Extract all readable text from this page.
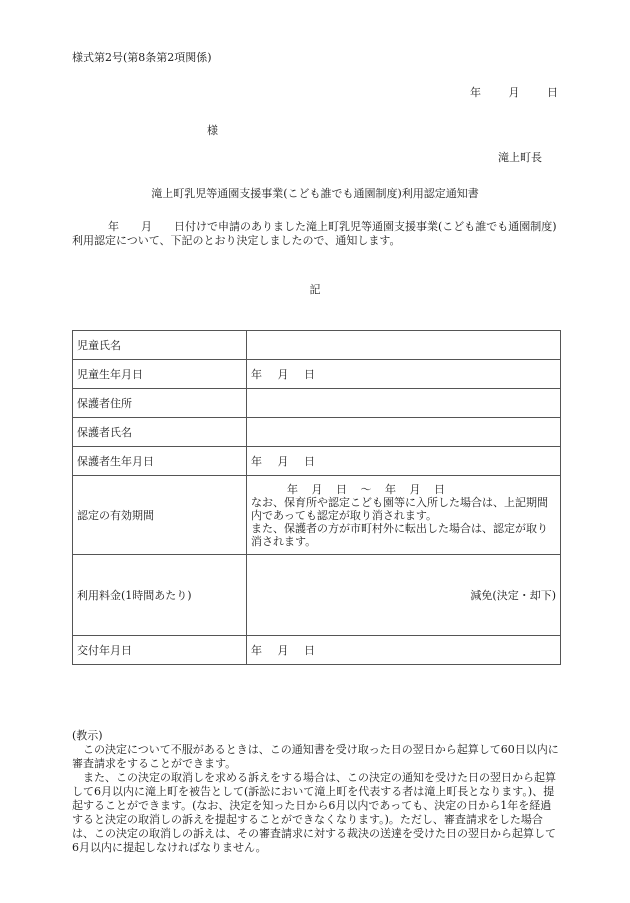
様式第2号(第8条第2項関係)
年 月 日
様
滝上町長
滝上町乳児等通園支援事業(こども誰でも通園制度)利用認定通知書
年　　月　　日付けで申請のありました滝上町乳児等通園支援事業(こども誰でも通園制度)利用認定について、下記のとおり決定しましたので、通知します。
記
児童氏名	
児童生年月日	年 月 日
保護者住所	
保護者氏名	
保護者生年月日	年 月 日
認定の有効期間	年 月 日 〜 年 月 日
なお、保育所や認定こども園等に入所した場合は、上記期間内であっても認定が取り消されます。
また、保護者の方が市町村外に転出した場合は、認定が取り消されます。

利用料金(1時間あたり)	減免(決定・却下)
交付年月日	年 月 日

(教示)

この決定について不服があるときは、この通知書を受け取った日の翌日から起算して60日以内に審査請求をすることができます。

また、この決定の取消しを求める訴えをする場合は、この決定の通知を受けた日の翌日から起算して6月以内に滝上町を被告として(訴訟において滝上町を代表する者は滝上町長となります。)、提起することができます。(なお、決定を知った日から6月以内であっても、決定の日から1年を経過すると決定の取消しの訴えを提起することができなくなります。)。ただし、審査請求をした場合は、この決定の取消しの訴えは、その審査請求に対する裁決の送達を受けた日の翌日から起算して6月以内に提起しなければなりません。
